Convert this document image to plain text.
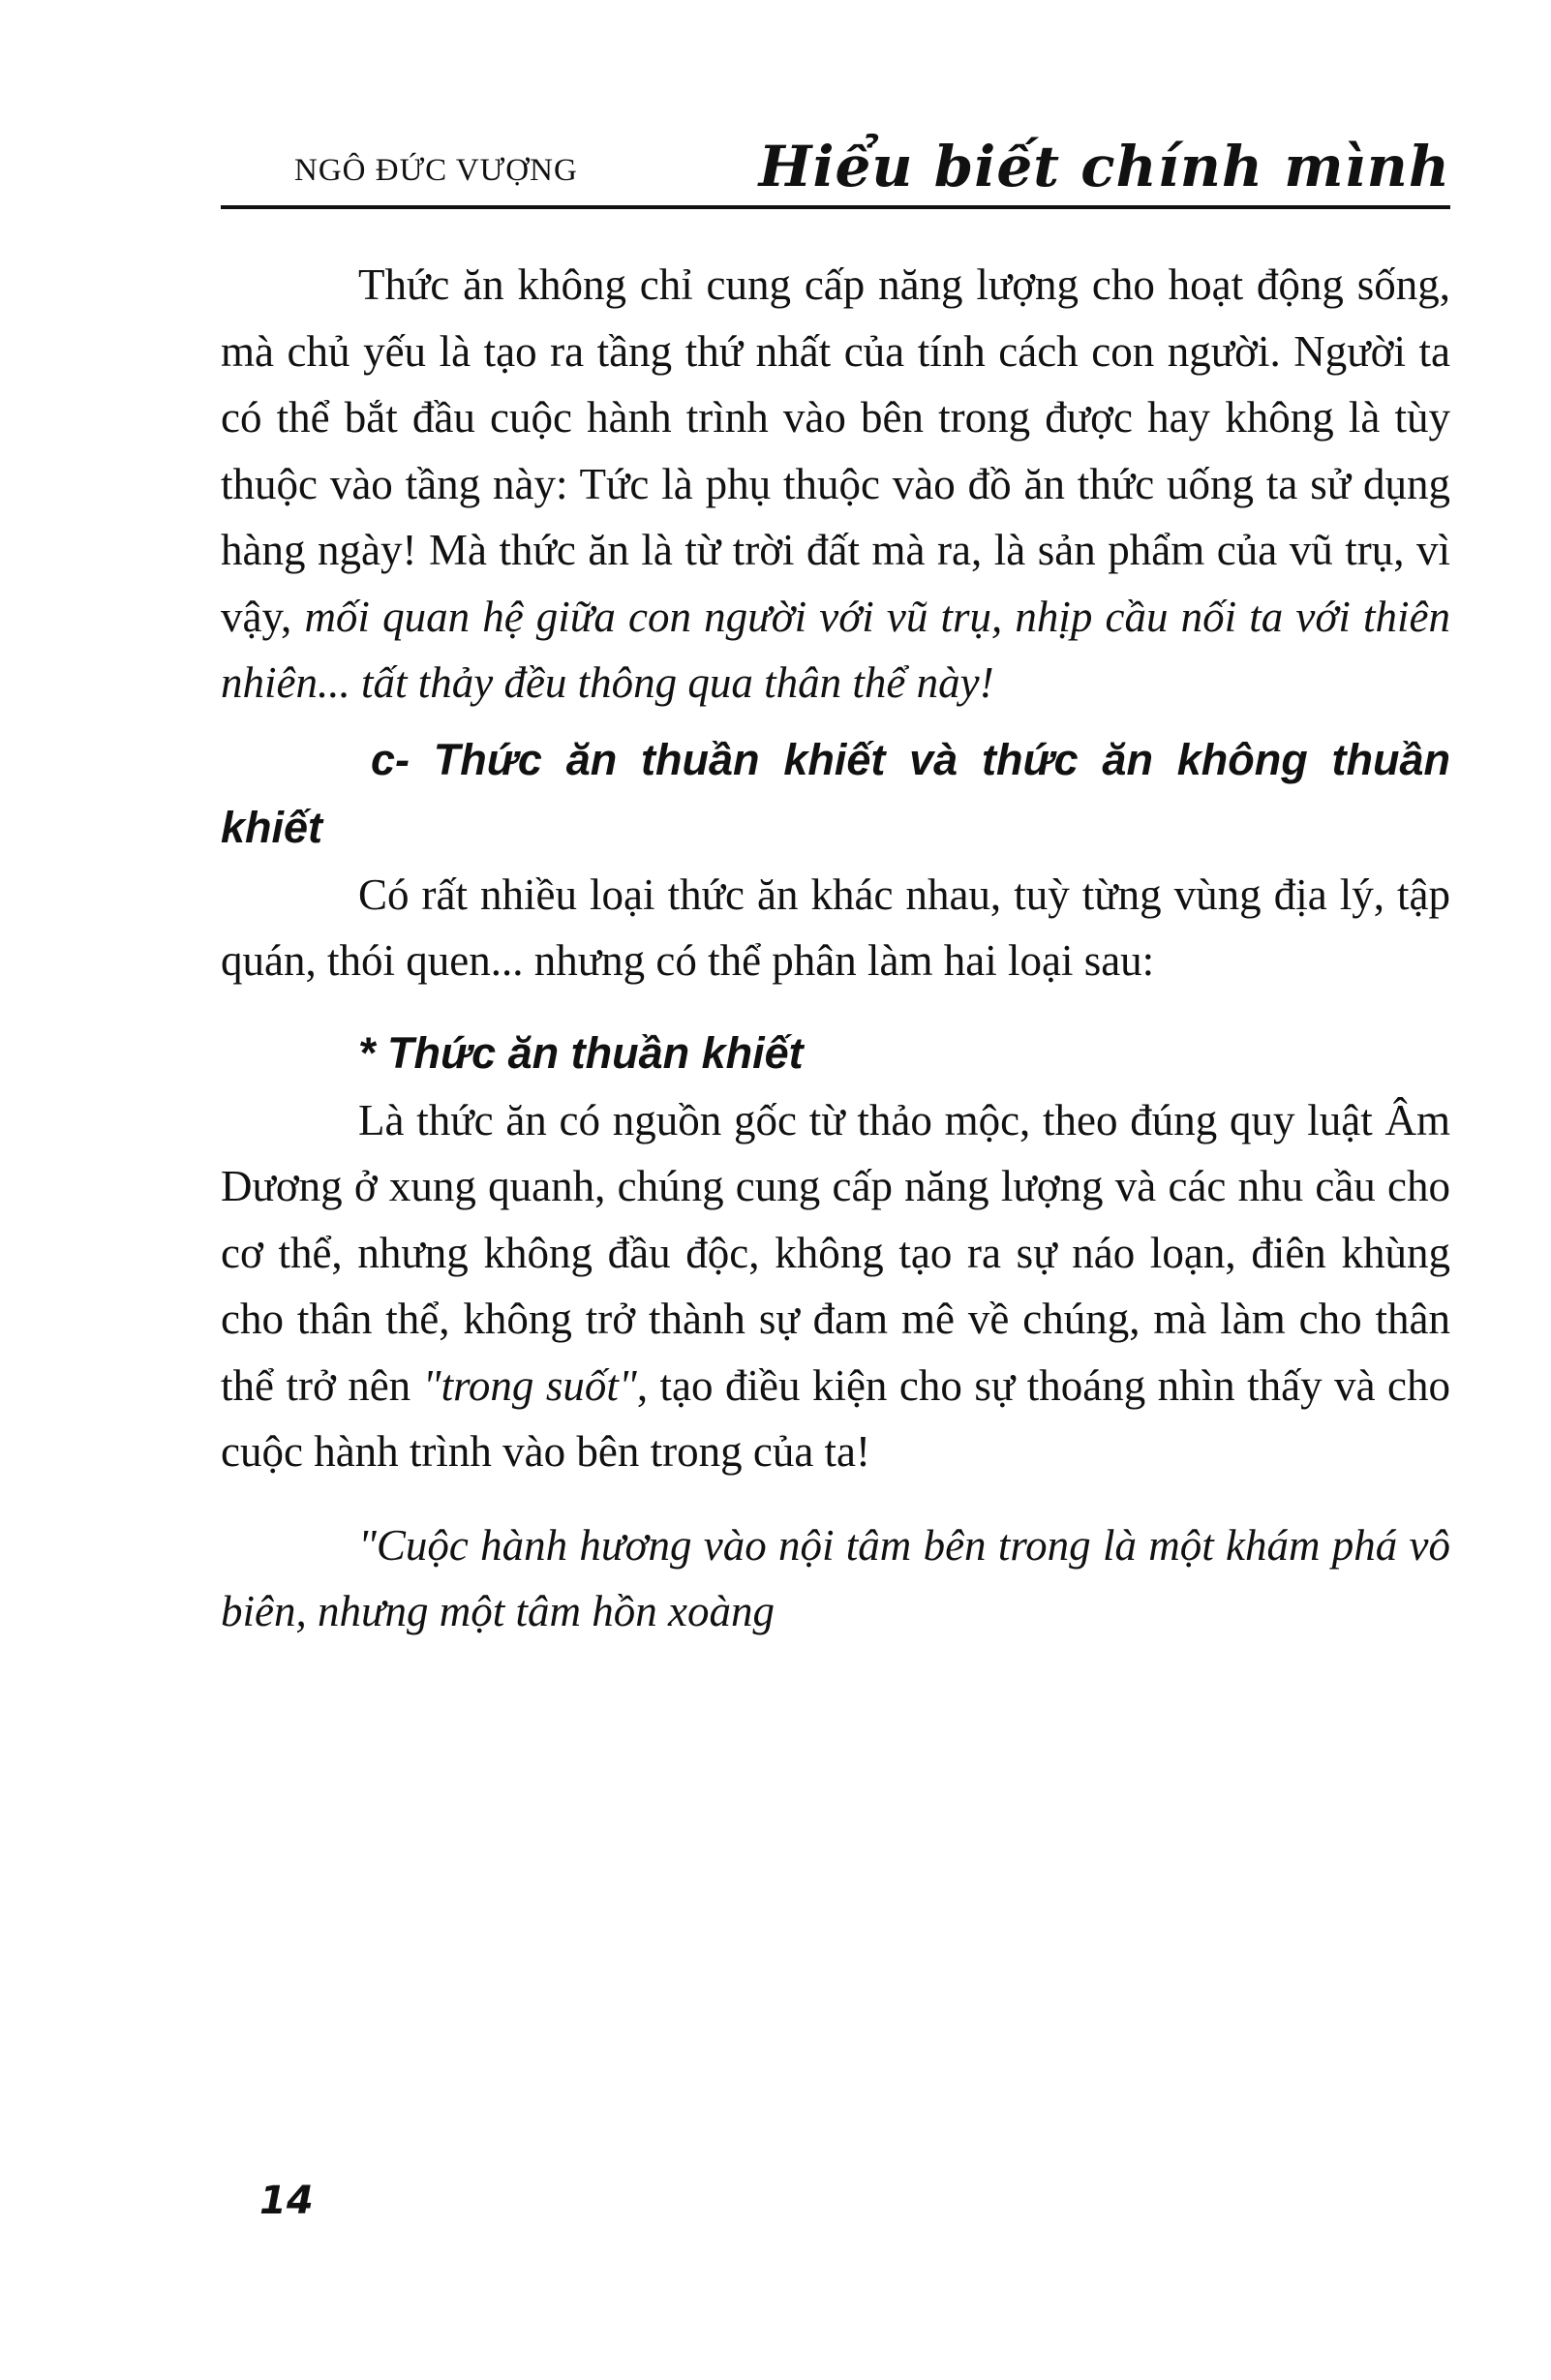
NGÔ ĐỨC VƯỢNG	Hiểu biết chính mình

Thức ăn không chỉ cung cấp năng lượng cho hoạt động sống, mà chủ yếu là tạo ra tầng thứ nhất của tính cách con người. Người ta có thể bắt đầu cuộc hành trình vào bên trong được hay không là tùy thuộc vào tầng này: Tức là phụ thuộc vào đồ ăn thức uống ta sử dụng hàng ngày! Mà thức ăn là từ trời đất mà ra, là sản phẩm của vũ trụ, vì vậy, mối quan hệ giữa con người với vũ trụ, nhịp cầu nối ta với thiên nhiên... tất thảy đều thông qua thân thể này!

c- Thức ăn thuần khiết và thức ăn không thuần khiết

Có rất nhiều loại thức ăn khác nhau, tuỳ từng vùng địa lý, tập quán, thói quen... nhưng có thể phân làm hai loại sau:

* Thức ăn thuần khiết

Là thức ăn có nguồn gốc từ thảo mộc, theo đúng quy luật Âm Dương ở xung quanh, chúng cung cấp năng lượng và các nhu cầu cho cơ thể, nhưng không đầu độc, không tạo ra sự náo loạn, điên khùng cho thân thể, không trở thành sự đam mê về chúng, mà làm cho thân thể trở nên "trong suốt", tạo điều kiện cho sự thoáng nhìn thấy và cho cuộc hành trình vào bên trong của ta!

"Cuộc hành hương vào nội tâm bên trong là một khám phá vô biên, nhưng một tâm hồn xoàng

14
